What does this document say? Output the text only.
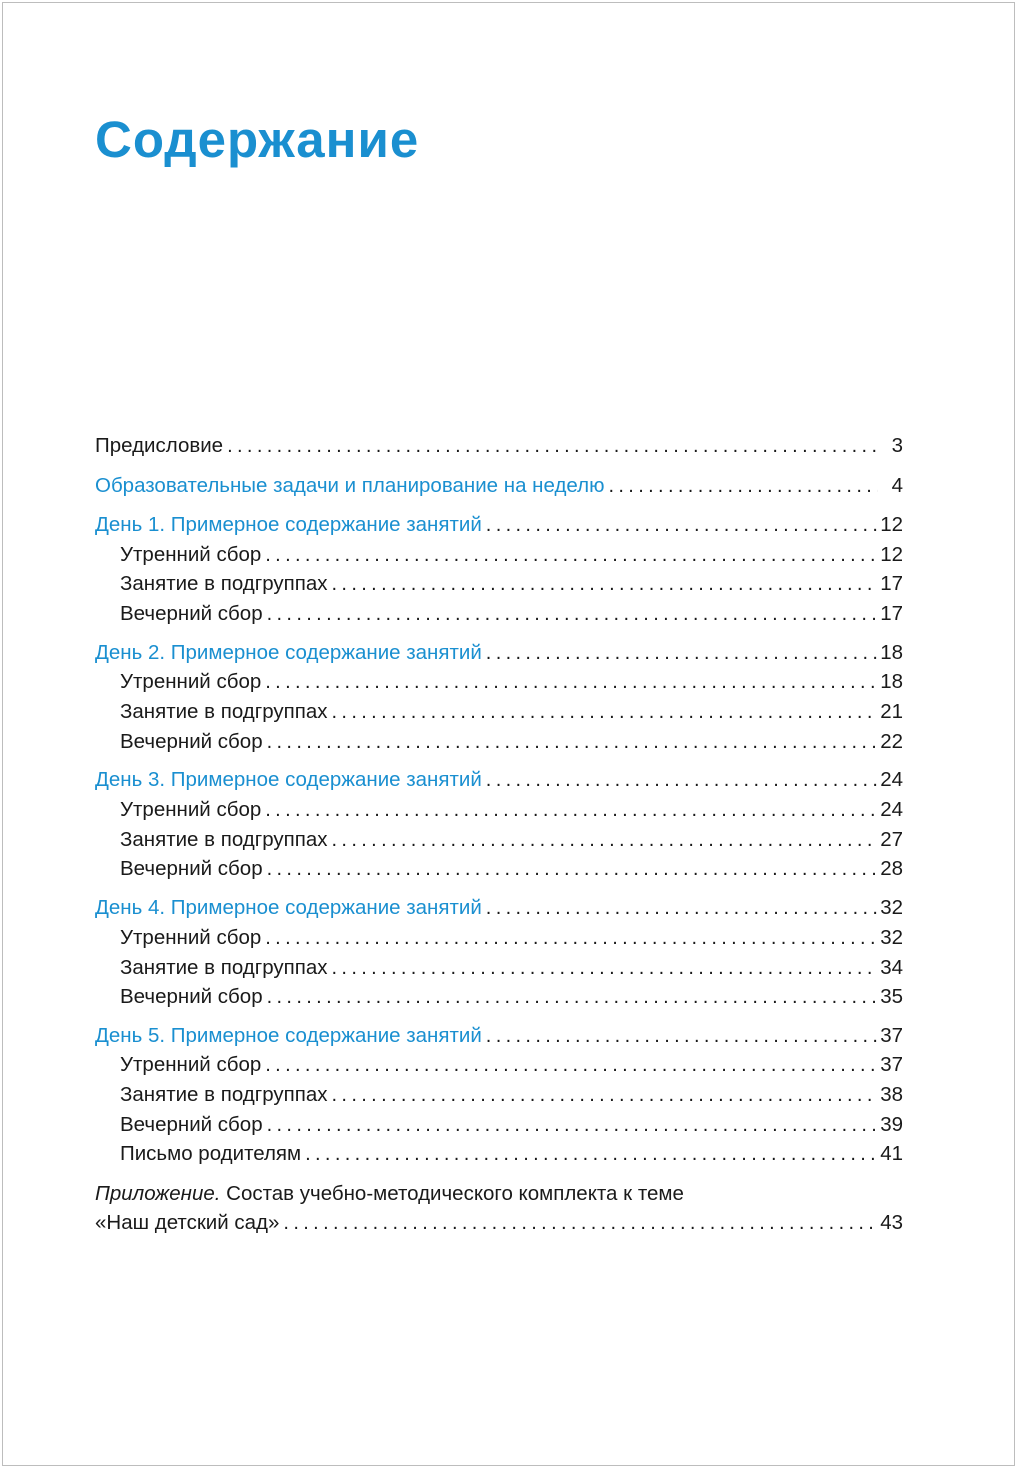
Содержание
Предисловие . . .	3
Образовательные задачи и планирование на неделю . . .	4
День 1. Примерное содержание занятий . . .	12
Утренний сбор . . .	12
Занятие в подгруппах . . .	17
Вечерний сбор . . .	17
День 2. Примерное содержание занятий . . .	18
Утренний сбор . . .	18
Занятие в подгруппах . . .	21
Вечерний сбор . . .	22
День 3. Примерное содержание занятий . . .	24
Утренний сбор . . .	24
Занятие в подгруппах . . .	27
Вечерний сбор . . .	28
День 4. Примерное содержание занятий . . .	32
Утренний сбор . . .	32
Занятие в подгруппах . . .	34
Вечерний сбор . . .	35
День 5. Примерное содержание занятий . . .	37
Утренний сбор . . .	37
Занятие в подгруппах . . .	38
Вечерний сбор . . .	39
Письмо родителям . . .	41
Приложение. Состав учебно-методического комплекта к теме
«Наш детский сад» . . .	43
